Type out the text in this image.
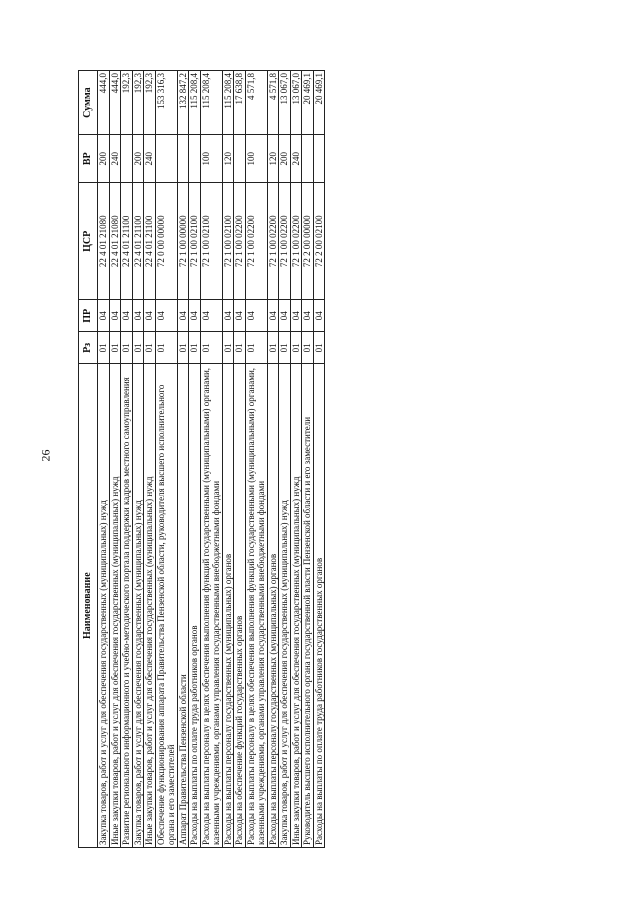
26
Наименование	Рз	ПР	ЦСР	ВР	Сумма
Закупка товаров, работ и услуг для обеспечения государственных (муниципальных) нужд	01	04	22 4 01 21080	200	444,0
Иные закупки товаров, работ и услуг для обеспечения государственных (муниципальных) нужд	01	04	22 4 01 21080	240	444,0
Развитие регионального информационного и учебно-методического портала поддержки кадров местного самоуправления	01	04	22 4 01 21100		192,3
Закупка товаров, работ и услуг для обеспечения государственных (муниципальных) нужд	01	04	22 4 01 21100	200	192,3
Иные закупки товаров, работ и услуг для обеспечения государственных (муниципальных) нужд	01	04	22 4 01 21100	240	192,3
Обеспечение функционирования аппарата Правительства Пензенской области, руководителя высшего исполнительного органа и его заместителей	01	04	72 0 00 00000		153 316,3
Аппарат Правительства Пензенской области	01	04	72 1 00 00000		132 847,2
Расходы на выплаты по оплате труда работников органов	01	04	72 1 00 02100		115 208,4
Расходы на выплаты персоналу в целях обеспечения выполнения функций государственными (муниципальными) органами, казенными учреждениями, органами управления государственными внебюджетными фондами	01	04	72 1 00 02100	100	115 208,4
Расходы на выплаты персоналу государственных (муниципальных) органов	01	04	72 1 00 02100	120	115 208,4
Расходы на обеспечение функций государственных органов	01	04	72 1 00 02200		17 638,8
Расходы на выплаты персоналу в целях обеспечения выполнения функций государственными (муниципальными) органами, казенными учреждениями, органами управления государственными внебюджетными фондами	01	04	72 1 00 02200	100	4 571,8
Расходы на выплаты персоналу государственных (муниципальных) органов	01	04	72 1 00 02200	120	4 571,8
Закупка товаров, работ и услуг для обеспечения государственных (муниципальных) нужд	01	04	72 1 00 02200	200	13 067,0
Иные закупки товаров, работ и услуг для обеспечения государственных (муниципальных) нужд	01	04	72 1 00 02200	240	13 067,0
Руководитель высшего исполнительного органа государственной власти Пензенской области и его заместители	01	04	72 2 00 00000		20 469,1
Расходы на выплаты по оплате труда работников государственных органов	01	04	72 2 00 02100		20 469,1
